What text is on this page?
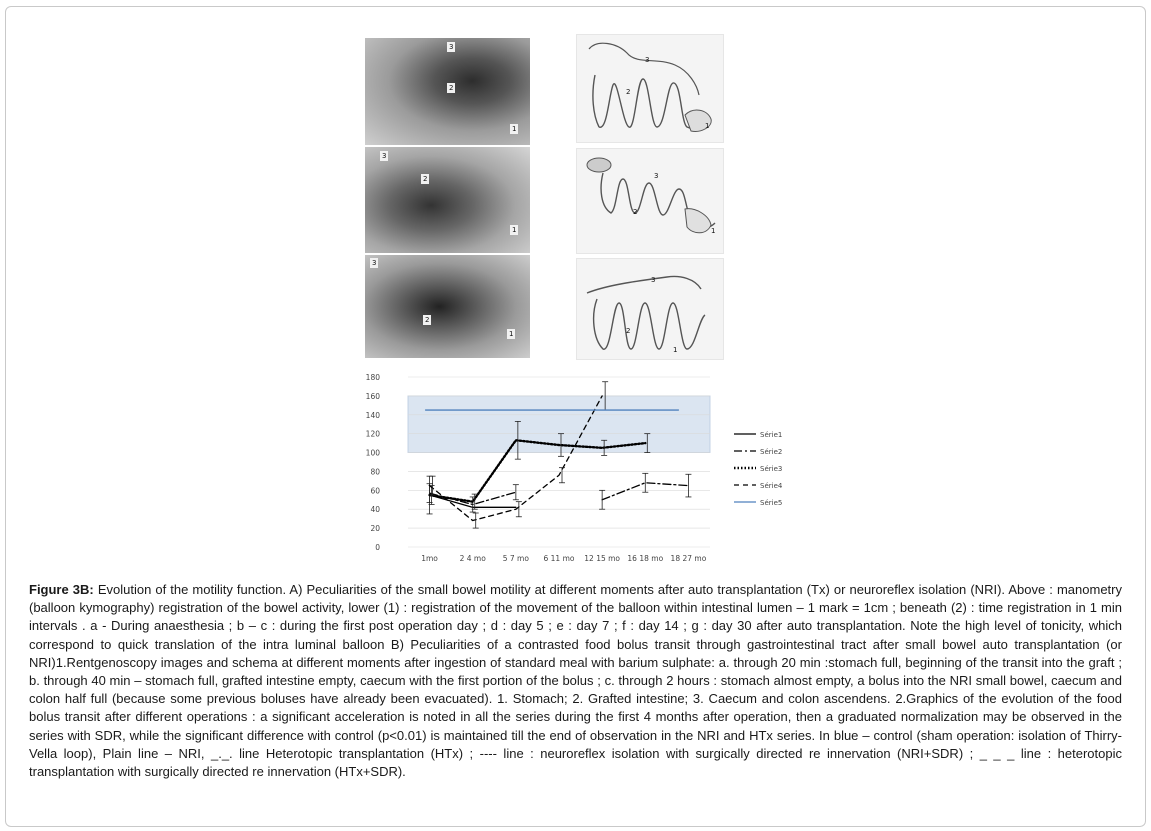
3
2
1
3
2
1
3
2
1
3
2
1
3
2
1
3
2
1
0
20
40
60
80
100
120
140
160
180
1mo	2 4 mo 5 7 mo 6 11 mo 12 15 mo 16 18 mo 18 27 mo
Série1
Série2
Série3
Série4
Série5
Figure 3B: Evolution of the motility function. A) Peculiarities of the small bowel motility at different moments after auto transplantation (Tx) or neuroreflex isolation (NRI). Above : manometry (balloon kymography) registration of the bowel activity, lower (1) : registration of the movement of the balloon within intestinal lumen – 1 mark = 1cm ; beneath (2) : time registration in 1 min intervals . a - During anaesthesia ; b – c : during the first post operation day ; d : day 5 ; e : day 7 ; f : day 14 ; g : day 30 after auto transplantation. Note the high level of tonicity, which correspond to quick translation of the intra luminal balloon B) Peculiarities of a contrasted food bolus transit through gastrointestinal tract after small bowel auto transplantation (or NRI)1.Rentgenoscopy images and schema at different moments after ingestion of standard meal with barium sulphate: a. through 20 min :stomach full, beginning of the transit into the graft ; b. through 40 min – stomach full, grafted intestine empty, caecum with the first portion of the bolus ; c. through 2 hours : stomach almost empty, a bolus into the NRI small bowel, caecum and colon half full (because some previous boluses have already been evacuated). 1. Stomach; 2. Grafted intestine; 3. Caecum and colon ascendens. 2.Graphics of the evolution of the food bolus transit after different operations : a significant acceleration is noted in all the series during the first 4 months after operation, then a graduated normalization may be observed in the series with SDR, while the significant difference with control (p<0.01) is maintained till the end of observation in the NRI and HTx series. In blue – control (sham operation: isolation of Thirry-Vella loop), Plain line – NRI, _._. line Heterotopic transplantation (HTx) ; ---- line : neuroreflex isolation with surgically directed re innervation (NRI+SDR) ; _ _ _ line : heterotopic transplantation with surgically directed re innervation (HTx+SDR).
